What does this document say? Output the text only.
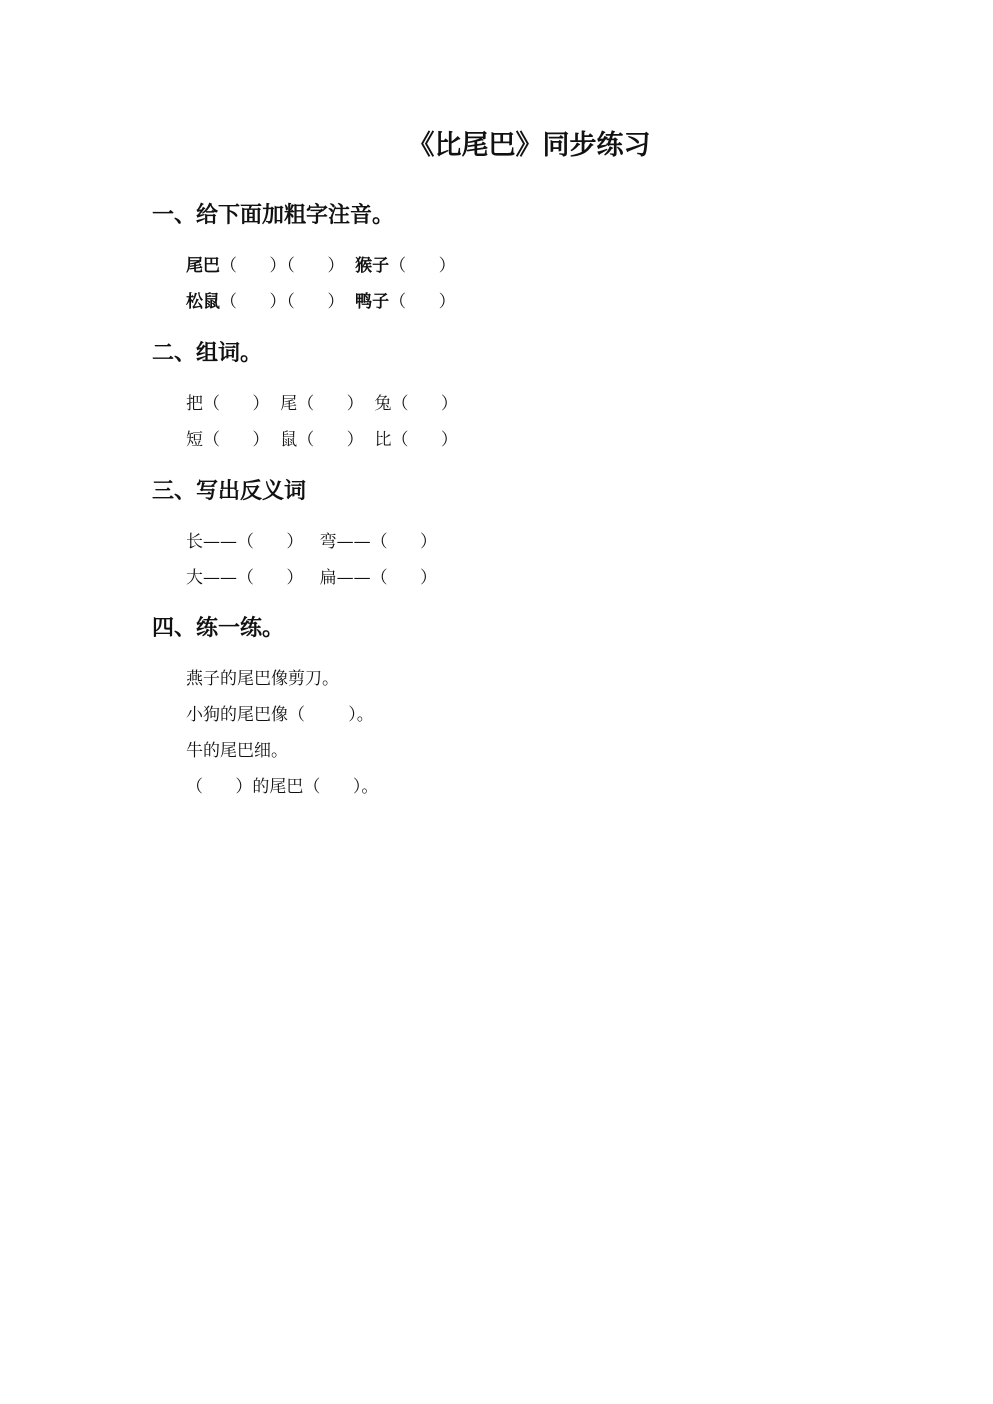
《比尾巴》同步练习
一、给下面加粗字注音。
尾巴（      ）（      ）  猴子（      ）
松鼠（      ）（      ）  鸭子（      ）
二、组词。
把（      ）  尾（      ）  兔（      ）
短（      ）  鼠（      ）  比（      ）
三、写出反义词
长——（      ）   弯——（      ）
大——（      ）   扁——（      ）
四、练一练。
燕子的尾巴像剪刀。
小狗的尾巴像（        ）。
牛的尾巴细。
（      ）的尾巴（      ）。
